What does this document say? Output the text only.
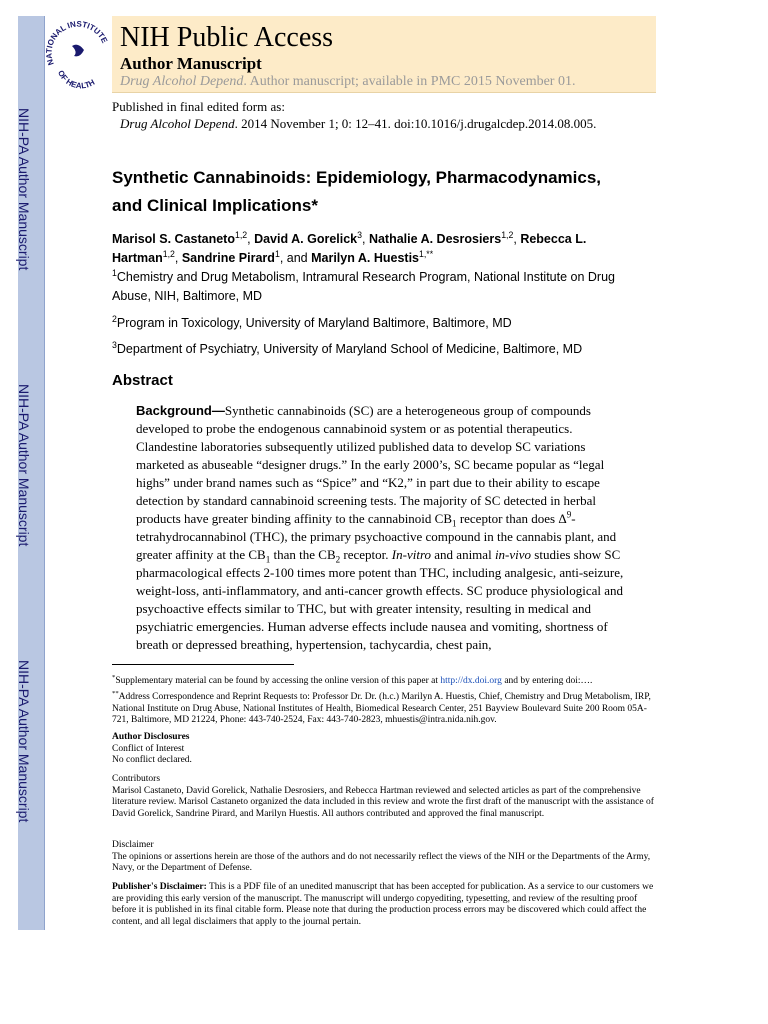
NIH-PA Author Manuscript
NIH-PA Author Manuscript
NIH-PA Author Manuscript
NATIONAL INSTITUTE
OF HEALTH
NIH Public Access
Author Manuscript
Drug Alcohol Depend. Author manuscript; available in PMC 2015 November 01.
Published in final edited form as:
Drug Alcohol Depend. 2014 November 1; 0: 12–41. doi:10.1016/j.drugalcdep.2014.08.005.
Synthetic Cannabinoids: Epidemiology, Pharmacodynamics,
and Clinical Implications*
Marisol S. Castaneto$^{1,2}$, David A. Gorelick$^3$, Nathalie A. Desrosiers$^{1,2}$, Rebecca L. Hartman$^{1,2}$, Sandrine Pirard$^1$, and Marilyn A. Huestis$^{1,**}$
$^1$Chemistry and Drug Metabolism, Intramural Research Program, National Institute on Drug Abuse, NIH, Baltimore, MD
$^2$Program in Toxicology, University of Maryland Baltimore, Baltimore, MD
$^3$Department of Psychiatry, University of Maryland School of Medicine, Baltimore, MD
Abstract
Background—Synthetic cannabinoids (SC) are a heterogeneous group of compounds developed to probe the endogenous cannabinoid system or as potential therapeutics. Clandestine laboratories subsequently utilized published data to develop SC variations marketed as abuseable “designer drugs.” In the early 2000’s, SC became popular as “legal highs” under brand names such as “Spice” and “K2,” in part due to their ability to escape detection by standard cannabinoid screening tests. The majority of SC detected in herbal products have greater binding affinity to the cannabinoid $CB_1$ receptor than does $\Delta^9$-tetrahydrocannabinol (THC), the primary psychoactive compound in the cannabis plant, and greater affinity at the $CB_1$ than the $CB_2$ receptor. In-vitro and animal in-vivo studies show SC pharmacological effects 2-100 times more potent than THC, including analgesic, anti-seizure, weight-loss, anti-inflammatory, and anti-cancer growth effects. SC produce physiological and psychoactive effects similar to THC, but with greater intensity, resulting in medical and psychiatric emergencies. Human adverse effects include nausea and vomiting, shortness of breath or depressed breathing, hypertension, tachycardia, chest pain,
*Supplementary material can be found by accessing the online version of this paper at http://dx.doi.org and by entering doi:….
**Address Correspondence and Reprint Requests to: Professor Dr. Dr. (h.c.) Marilyn A. Huestis, Chief, Chemistry and Drug Metabolism, IRP, National Institute on Drug Abuse, National Institutes of Health, Biomedical Research Center, 251 Bayview Boulevard Suite 200 Room 05A-721, Baltimore, MD 21224, Phone: 443-740-2524, Fax: 443-740-2823, mhuestis@intra.nida.nih.gov.
Author Disclosures
Conflict of Interest
No conflict declared.
Contributors
Marisol Castaneto, David Gorelick, Nathalie Desrosiers, and Rebecca Hartman reviewed and selected articles as part of the comprehensive literature review. Marisol Castaneto organized the data included in this review and wrote the first draft of the manuscript with the assistance of David Gorelick, Sandrine Pirard, and Marilyn Huestis. All authors contributed and approved the final manuscript.
Disclaimer
The opinions or assertions herein are those of the authors and do not necessarily reflect the views of the NIH or the Departments of the Army, Navy, or the Department of Defense.
Publisher's Disclaimer: This is a PDF file of an unedited manuscript that has been accepted for publication. As a service to our customers we are providing this early version of the manuscript. The manuscript will undergo copyediting, typesetting, and review of the resulting proof before it is published in its final citable form. Please note that during the production process errors may be discovered which could affect the content, and all legal disclaimers that apply to the journal pertain.
